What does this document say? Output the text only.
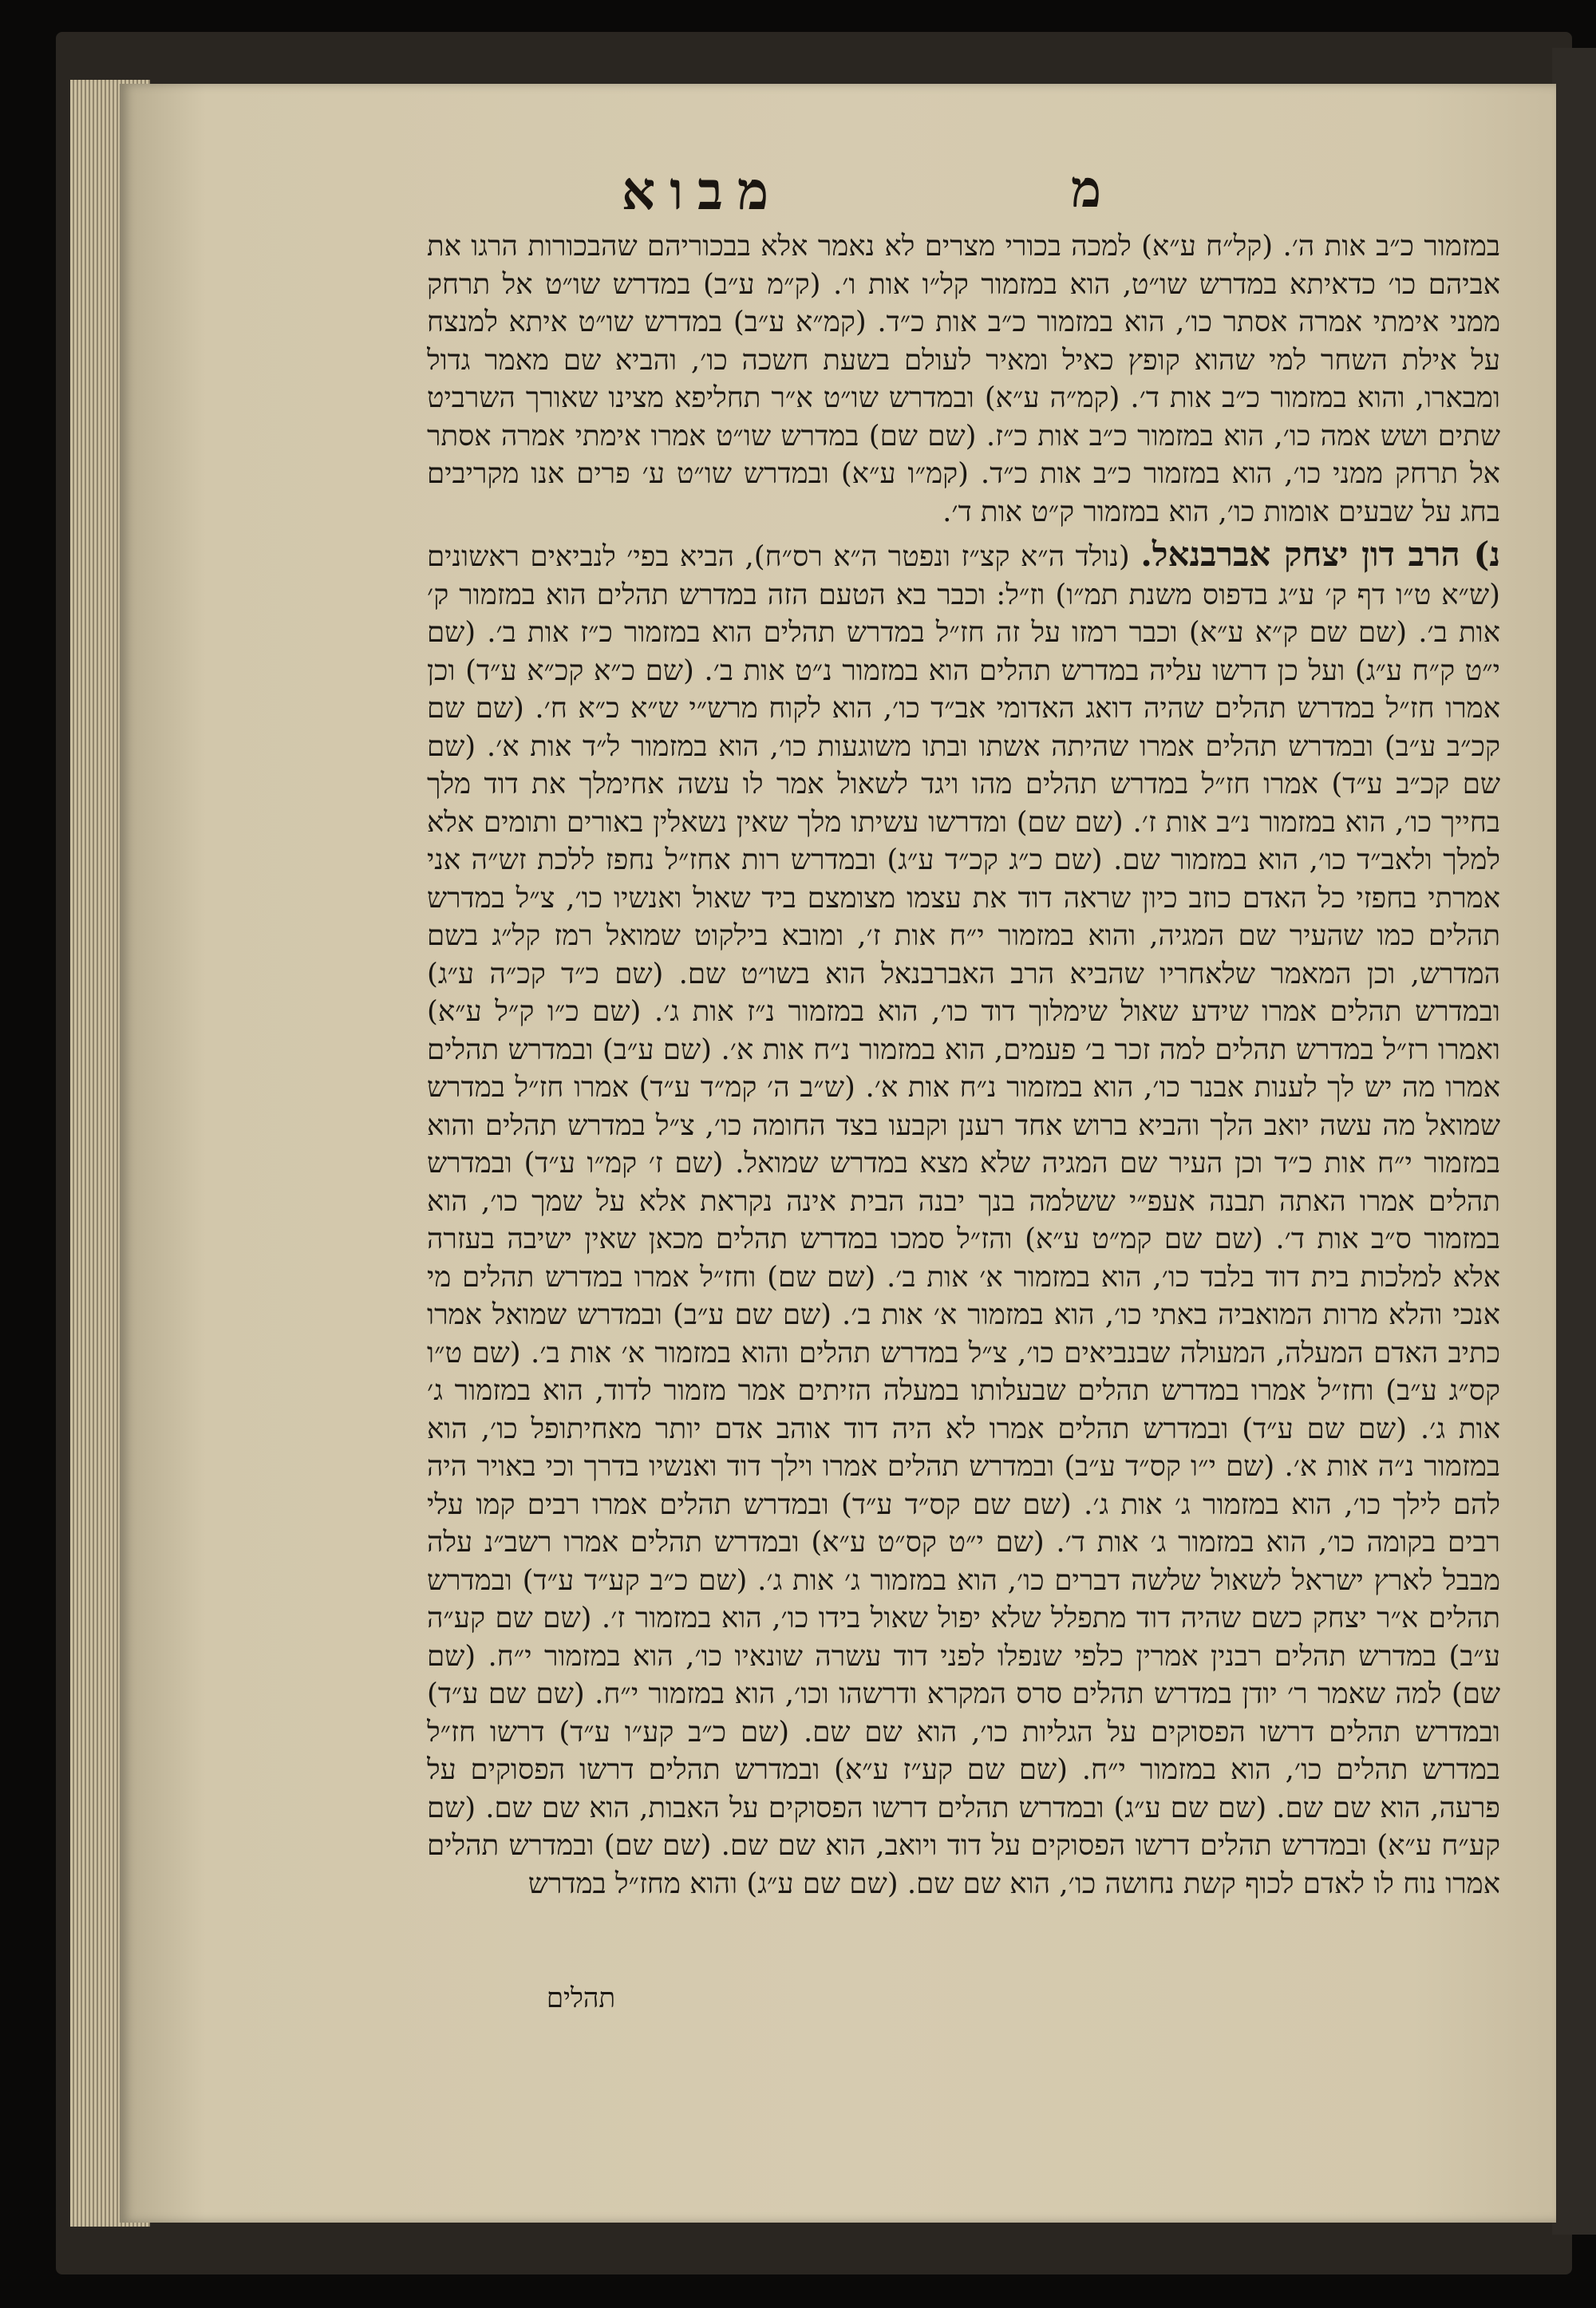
מ
מבוא

במזמור כ״ב אות ה׳. (קל״ח ע״א) למכה בכורי מצרים לא נאמר אלא בבכוריהם שהבכורות הרגו את אביהם כו׳ כדאיתא במדרש שו״ט, הוא במזמור קל״ו אות ו׳. (ק״מ ע״ב) במדרש שו״ט אל תרחק ממני אימתי אמרה אסתר כו׳, הוא במזמור כ״ב אות כ״ד. (קמ״א ע״ב) במדרש שו״ט איתא למנצח על אילת השחר למי שהוא קופץ כאיל ומאיר לעולם בשעת חשכה כו׳, והביא שם מאמר גדול ומבארו, והוא במזמור כ״ב אות ד׳. (קמ״ה ע״א) ובמדרש שו״ט א״ר תחליפא מצינו שאורך השרביט שתים ושש אמה כו׳, הוא במזמור כ״ב אות כ״ז. (שם שם) במדרש שו״ט אמרו אימתי אמרה אסתר אל תרחק ממני כו׳, הוא במזמור כ״ב אות כ״ד. (קמ״ו ע״א) ובמדרש שו״ט ע׳ פרים אנו מקריבים בחג על שבעים אומות כו׳, הוא במזמור ק״ט אות ד׳.

נ) הרב דון יצחק אברבנאל. (נולד ה״א קצ״ז ונפטר ה״א רס״ח), הביא בפי׳ לנביאים ראשונים (ש״א ט״ו דף ק׳ ע״ג בדפוס משנת תמ״ו) וז״ל: וכבר בא הטעם הזה במדרש תהלים הוא במזמור ק׳ אות ב׳. (שם שם ק״א ע״א) וכבר רמזו על זה חז״ל במדרש תהלים הוא במזמור כ״ז אות ב׳. (שם י״ט ק״ח ע״ג) ועל כן דרשו עליה במדרש תהלים הוא במזמור נ״ט אות ב׳. (שם כ״א קכ״א ע״ד) וכן אמרו חז״ל במדרש תהלים שהיה דואג האדומי אב״ד כו׳, הוא לקוח מרש״י ש״א כ״א ח׳. (שם שם קכ״ב ע״ב) ובמדרש תהלים אמרו שהיתה אשתו ובתו משוגעות כו׳, הוא במזמור ל״ד אות א׳. (שם שם קכ״ב ע״ד) אמרו חז״ל במדרש תהלים מהו ויגד לשאול אמר לו עשה אחימלך את דוד מלך בחייך כו׳, הוא במזמור נ״ב אות ז׳. (שם שם) ומדרשו עשיתו מלך שאין נשאלין באורים ותומים אלא למלך ולאב״ד כו׳, הוא במזמור שם. (שם כ״ג קכ״ד ע״ג) ובמדרש רות אחז״ל נחפז ללכת זש״ה אני אמרתי בחפזי כל האדם כוזב כיון שראה דוד את עצמו מצומצם ביד שאול ואנשיו כו׳, צ״ל במדרש תהלים כמו שהעיר שם המגיה, והוא במזמור י״ח אות ז׳, ומובא בילקוט שמואל רמז קל״ג בשם המדרש, וכן המאמר שלאחריו שהביא הרב האברבנאל הוא בשו״ט שם. (שם כ״ד קכ״ה ע״ג) ובמדרש תהלים אמרו שידע שאול שימלוך דוד כו׳, הוא במזמור נ״ז אות ג׳. (שם כ״ו ק״ל ע״א) ואמרו רז״ל במדרש תהלים למה זכר ב׳ פעמים, הוא במזמור נ״ח אות א׳. (שם ע״ב) ובמדרש תהלים אמרו מה יש לך לענות אבנר כו׳, הוא במזמור נ״ח אות א׳. (ש״ב ה׳ קמ״ד ע״ד) אמרו חז״ל במדרש שמואל מה עשה יואב הלך והביא ברוש אחד רענן וקבעו בצד החומה כו׳, צ״ל במדרש תהלים והוא במזמור י״ח אות כ״ד וכן העיר שם המגיה שלא מצא במדרש שמואל. (שם ז׳ קמ״ו ע״ד) ובמדרש תהלים אמרו האתה תבנה אעפ״י ששלמה בנך יבנה הבית אינה נקראת אלא על שמך כו׳, הוא במזמור ס״ב אות ד׳. (שם שם קמ״ט ע״א) והז״ל סמכו במדרש תהלים מכאן שאין ישיבה בעזרה אלא למלכות בית דוד בלבד כו׳, הוא במזמור א׳ אות ב׳. (שם שם) וחז״ל אמרו במדרש תהלים מי אנכי והלא מרות המואביה באתי כו׳, הוא במזמור א׳ אות ב׳. (שם שם ע״ב) ובמדרש שמואל אמרו כתיב האדם המעלה, המעולה שבנביאים כו׳, צ״ל במדרש תהלים והוא במזמור א׳ אות ב׳. (שם ט״ו קס״ג ע״ב) וחז״ל אמרו במדרש תהלים שבעלותו במעלה הזיתים אמר מזמור לדוד, הוא במזמור ג׳ אות ג׳. (שם שם ע״ד) ובמדרש תהלים אמרו לא היה דוד אוהב אדם יותר מאחיתופל כו׳, הוא במזמור נ״ה אות א׳. (שם י״ו קס״ד ע״ב) ובמדרש תהלים אמרו וילך דוד ואנשיו בדרך וכי באויר היה להם לילך כו׳, הוא במזמור ג׳ אות ג׳. (שם שם קס״ד ע״ד) ובמדרש תהלים אמרו רבים קמו עלי רבים בקומה כו׳, הוא במזמור ג׳ אות ד׳. (שם י״ט קס״ט ע״א) ובמדרש תהלים אמרו רשב״נ עלה מבבל לארץ ישראל לשאול שלשה דברים כו׳, הוא במזמור ג׳ אות ג׳. (שם כ״ב קע״ד ע״ד) ובמדרש תהלים א״ר יצחק כשם שהיה דוד מתפלל שלא יפול שאול בידו כו׳, הוא במזמור ז׳. (שם שם קע״ה ע״ב) במדרש תהלים רבנין אמרין כלפי שנפלו לפני דוד עשרה שונאיו כו׳, הוא במזמור י״ח. (שם שם) למה שאמר ר׳ יודן במדרש תהלים סרס המקרא ודרשהו וכו׳, הוא במזמור י״ח. (שם שם ע״ד) ובמדרש תהלים דרשו הפסוקים על הגליות כו׳, הוא שם שם. (שם כ״ב קע״ו ע״ד) דרשו חז״ל במדרש תהלים כו׳, הוא במזמור י״ח. (שם שם קע״ז ע״א) ובמדרש תהלים דרשו הפסוקים על פרעה, הוא שם שם. (שם שם ע״ג) ובמדרש תהלים דרשו הפסוקים על האבות, הוא שם שם. (שם קע״ח ע״א) ובמדרש תהלים דרשו הפסוקים על דוד ויואב, הוא שם שם. (שם שם) ובמדרש תהלים אמרו נוח לו לאדם לכוף קשת נחושה כו׳, הוא שם שם. (שם שם ע״ג) והוא מחז״ל במדרש

תהלים
